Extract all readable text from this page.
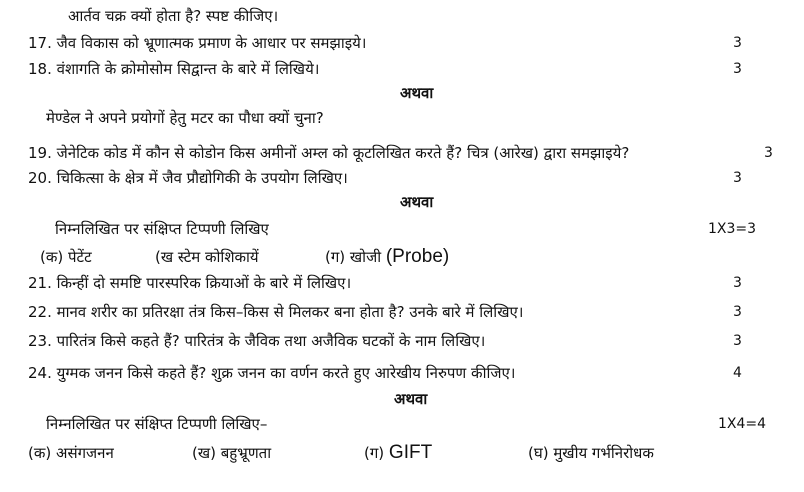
आर्तव चक्र क्यों होता है? स्पष्ट कीजिए।
17. जैव विकास को भ्रूणात्मक प्रमाण के आधार पर समझाइये।	3
18. वंशागति के क्रोमोसोम सिद्वान्त के बारे में लिखिये।	3
अथवा
मेण्डेल ने अपने प्रयोगों हेतु मटर का पौधा क्यों चुना?
19. जेनेटिक कोड में कौन से कोडोन किस अमीनों अम्ल को कूटलिखित करते हैं? चित्र (आरेख) द्वारा समझाइये?	3
20. चिकित्सा के क्षेत्र में जैव प्रौद्योगिकी के उपयोग लिखिए।	3
अथवा
निम्नलिखित पर संक्षिप्त टिप्पणी लिखिए	1X3=3
(क) पेटेंट	(ख स्टेम कोशिकायें	(ग) खोजी (Probe)
21. किन्हीं दो समष्टि पारस्परिक क्रियाओं के बारे में लिखिए।	3
22. मानव शरीर का प्रतिरक्षा तंत्र किस–किस से मिलकर बना होता है? उनके बारे में लिखिए।	3
23. पारितंत्र किसे कहते हैं? पारितंत्र के जैविक तथा अजैविक घटकों के नाम लिखिए।	3
24. युग्मक जनन किसे कहते हैं? शुक्र जनन का वर्णन करते हुए आरेखीय निरुपण कीजिए।	4
अथवा
निम्नलिखित पर संक्षिप्त टिप्पणी लिखिए–	1X4=4
(क) असंगजनन	(ख) बहुभ्रूणता	(ग) GIFT	(घ) मुखीय गर्भनिरोधक
